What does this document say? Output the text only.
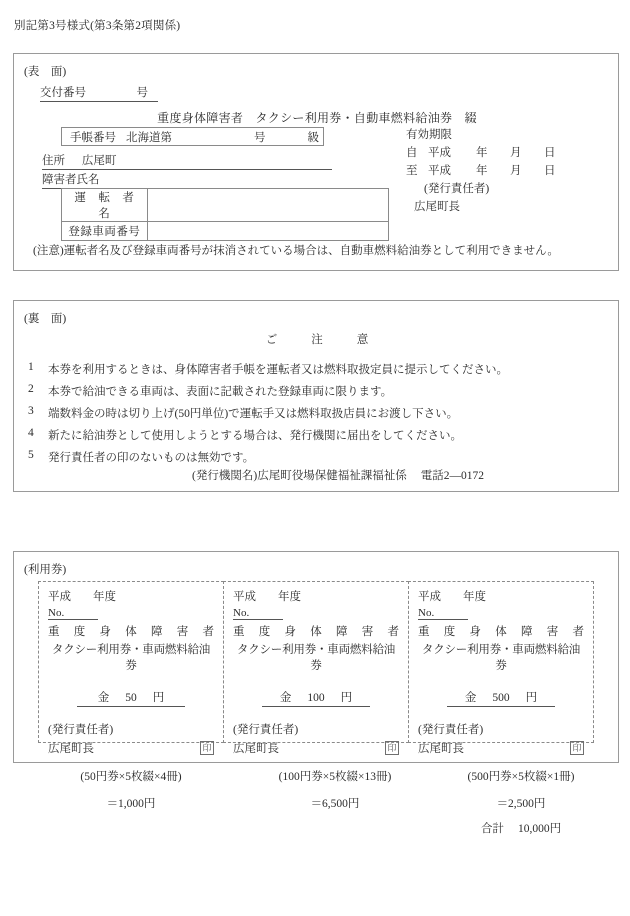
別記第3号様式(第3条第2項関係)
(表　面)
交付番号	号
重度身体障害者　タクシー利用券・自動車燃料給油券　綴
手帳番号 北海道第	号	級
住所 広尾町
障害者氏名
運　転　者　名	
登録車両番号	
有効期限
自 平成	年	月	日
至 平成	年	月	日
(発行責任者)
広尾町長
(注意)運転者名及び登録車両番号が抹消されている場合は、自動車燃料給油券として利用できません。
(裏　面)
ご	注	意
1	本券を利用するときは、身体障害者手帳を運転者又は燃料取扱定員に提示してください。
2	本券で給油できる車両は、表面に記載された登録車両に限ります。
3	端数料金の時は切り上げ(50円単位)で運転手又は燃料取扱店員にお渡し下さい。
4	新たに給油券として使用しようとする場合は、発行機関に届出をしてください。
5	発行責任者の印のないものは無効です。
(発行機関名)広尾町役場保健福祉課福祉係 電話2—0172
(利用券)
平成 年度
No.
重 度 身 体 障 害 者
タクシー利用券・車両燃料給油券
金 50 円
(発行責任者)
広尾町長	印
平成 年度
No.
重 度 身 体 障 害 者
タクシー利用券・車両燃料給油券
金 100 円
(発行責任者)
広尾町長	印
平成 年度
No.
重 度 身 体 障 害 者
タクシー利用券・車両燃料給油券
金 500 円
(発行責任者)
広尾町長	印
(50円券×5枚綴×4冊)
＝1,000円
(100円券×5枚綴×13冊)
＝6,500円
(500円券×5枚綴×1冊)
＝2,500円
合計 10,000円
